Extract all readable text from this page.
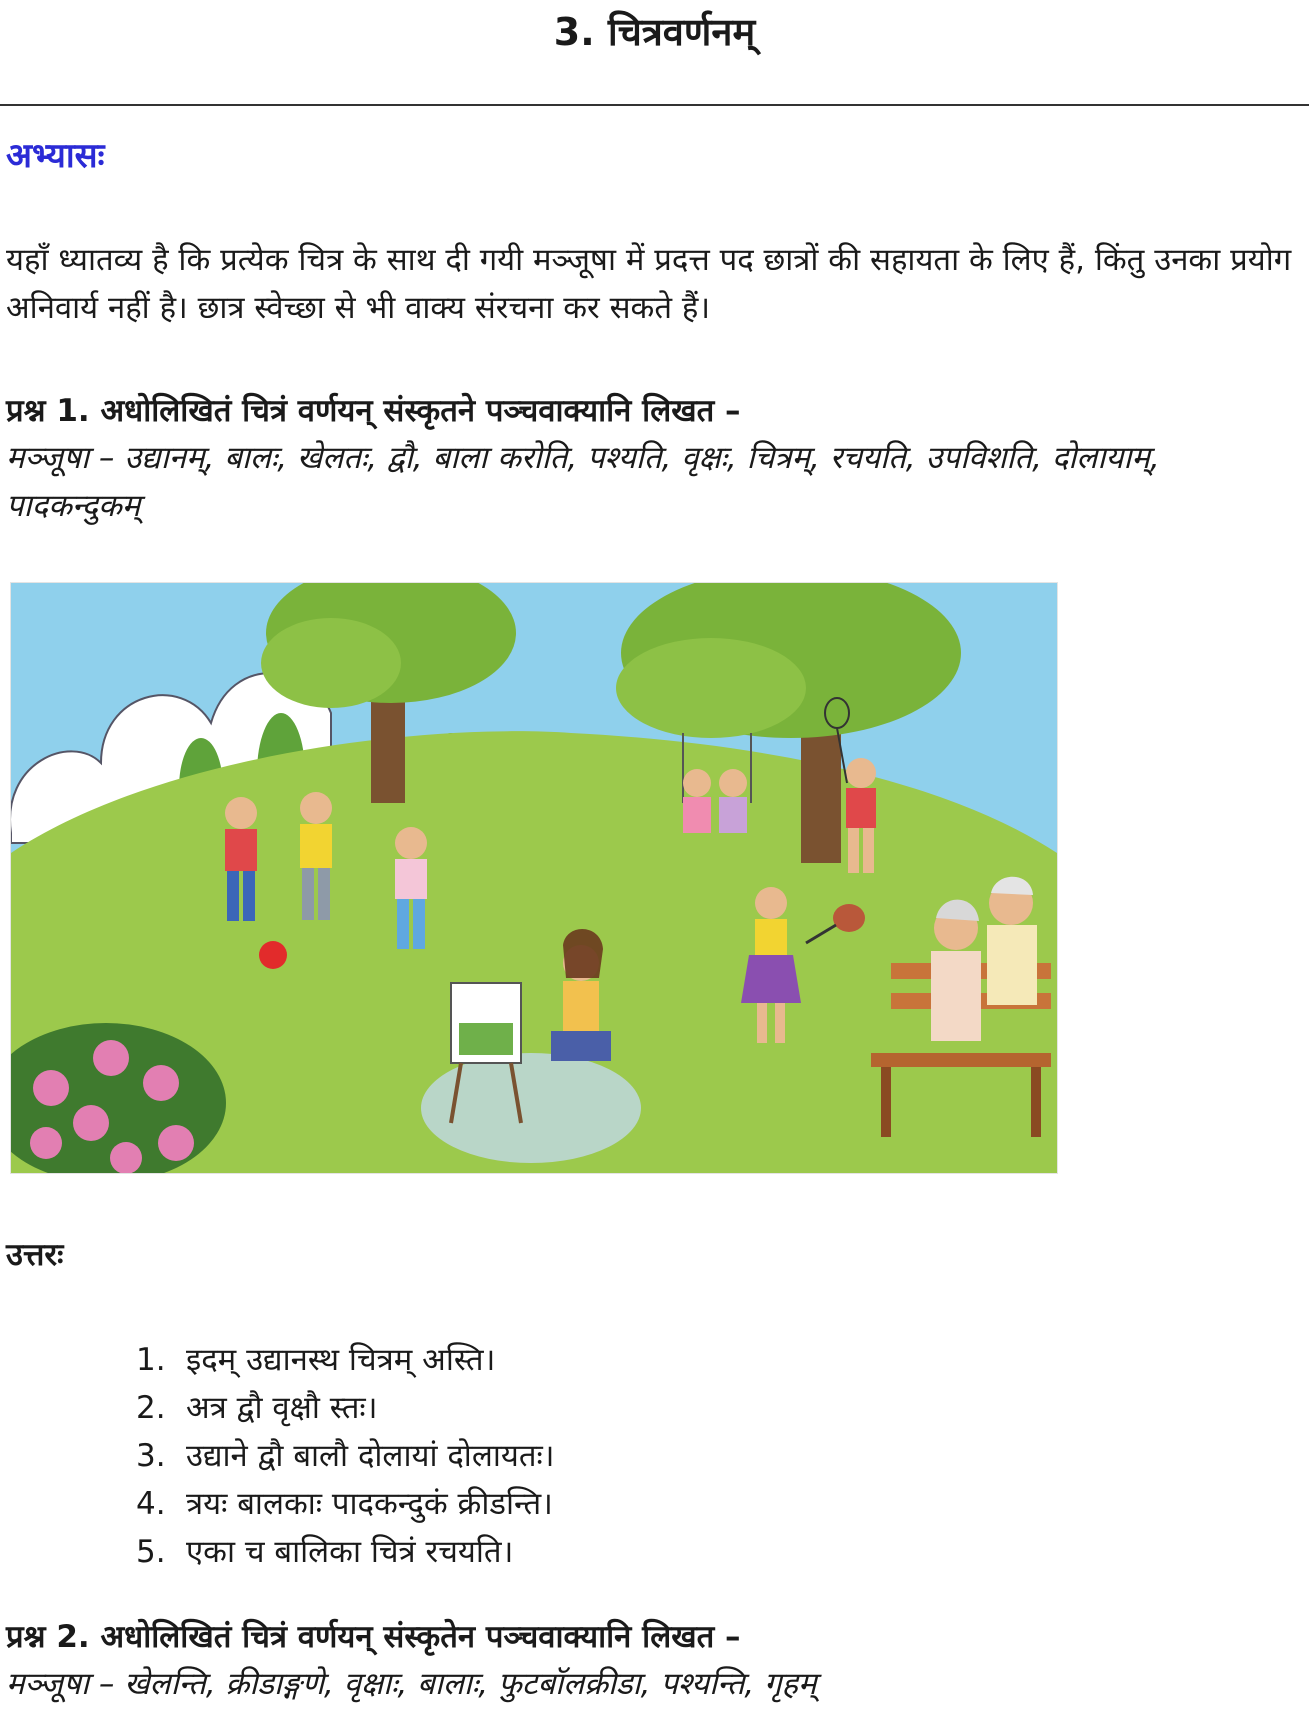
3. चित्रवर्णनम्
अभ्यासः

यहाँ ध्यातव्य है कि प्रत्येक चित्र के साथ दी गयी मञ्जूषा में प्रदत्त पद छात्रों की सहायता के लिए हैं, किंतु उनका प्रयोग अनिवार्य नहीं है। छात्र स्वेच्छा से भी वाक्य संरचना कर सकते हैं।

प्रश्न 1. अधोलिखितं चित्रं वर्णयन् संस्कृतने पञ्चवाक्यानि लिखत –

मञ्जूषा – उद्यानम्, बालः, खेलतः, द्वौ, बाला करोति, पश्यति, वृक्षः, चित्रम्, रचयति, उपविशति, दोलायाम्, पादकन्दुकम्

उत्तरः
1. इदम् उद्यानस्थ चित्रम् अस्ति।
2. अत्र द्वौ वृक्षौ स्तः।
3. उद्याने द्वौ बालौ दोलायां दोलायतः।
4. त्रयः बालकाः पादकन्दुकं क्रीडन्ति।
5. एका च बालिका चित्रं रचयति।

प्रश्न 2. अधोलिखितं चित्रं वर्णयन् संस्कृतेन पञ्चवाक्यानि लिखत –

मञ्जूषा – खेलन्ति, क्रीडाङ्गणे, वृक्षाः, बालाः, फुटबॉलक्रीडा, पश्यन्ति, गृहम्
